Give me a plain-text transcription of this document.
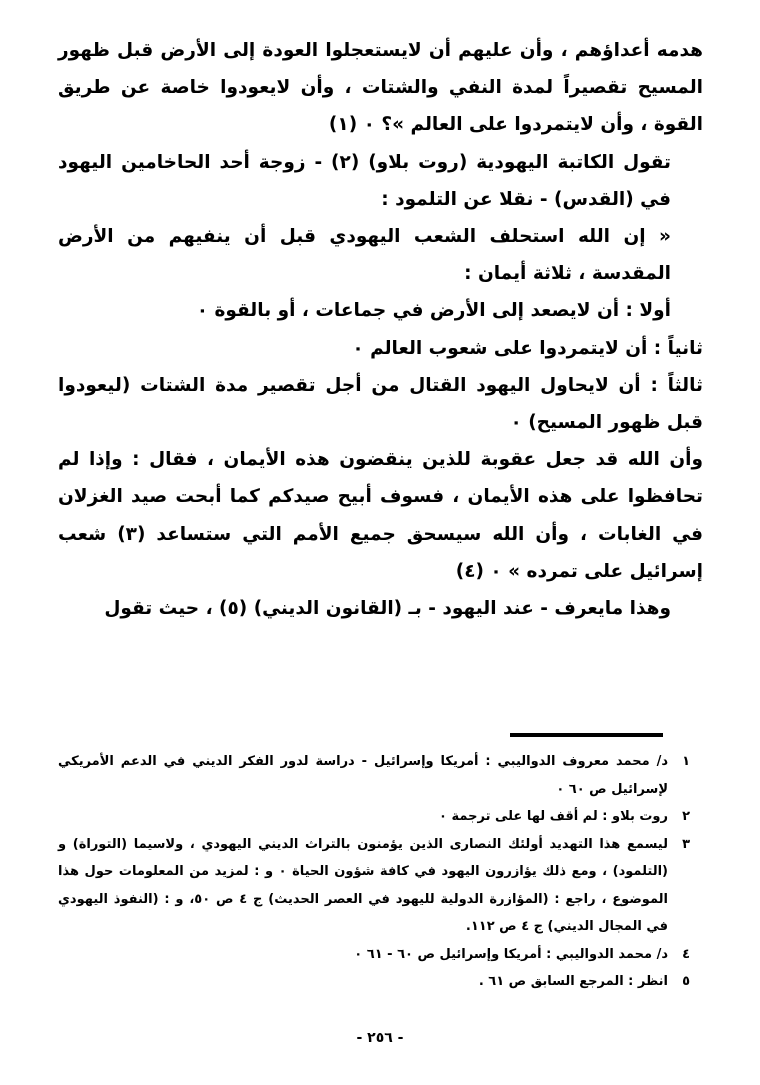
هدمه أعداؤهم ، وأن عليهم أن لايستعجلوا العودة إلى الأرض قبل ظهور المسيح تقصيراً لمدة النفي والشتات ، وأن لايعودوا خاصة عن طريق القوة ، وأن لايتمردوا على العالم »؟ ٠ (١)

تقول الكاتبة اليهودية (روت بلاو) (٢) - زوجة أحد الحاخامين اليهود في (القدس) - نقلا عن التلمود :

« إن الله استحلف الشعب اليهودي قبل أن ينفيهم من الأرض المقدسة ، ثلاثة أيمان :

أولا : أن لايصعد إلى الأرض في جماعات ، أو بالقوة ٠

ثانياً : أن لايتمردوا على شعوب العالم ٠

ثالثاً : أن لايحاول اليهود القتال من أجل تقصير مدة الشتات (ليعودوا قبل ظهور المسيح) ٠

وأن الله قد جعل عقوبة للذين ينقضون هذه الأيمان ، فقال : وإذا لم تحافظوا على هذه الأيمان ، فسوف أبيح صيدكم كما أبحت صيد الغزلان في الغابات ، وأن الله سيسحق جميع الأمم التي ستساعد (٣) شعب إسرائيل على تمرده » ٠ (٤)

وهذا مايعرف - عند اليهود - بـ (القانون الديني) (٥) ، حيث تقول

١
د/ محمد معروف الدواليبي : أمريكا وإسرائيل - دراسة لدور الفكر الديني في الدعم الأمريكي لإسرائيل ص ٦٠ ٠
٢
روت بلاو : لم أقف لها على ترجمة ٠
٣
ليسمع هذا التهديد أولئك النصارى الذين يؤمنون بالتراث الديني اليهودي ، ولاسيما (التوراة) و (التلمود) ، ومع ذلك يؤازرون اليهود في كافة شؤون الحياة ٠ و : لمزيد من المعلومات حول هذا الموضوع ، راجع : (المؤازرة الدولية لليهود في العصر الحديث) ج ٤ ص ٥٠، و : (النفوذ اليهودي في المجال الديني) ج ٤ ص ١١٢.
٤
د/ محمد الدواليبي : أمريكا وإسرائيل ص ٦٠ - ٦١ ٠
٥
انظر : المرجع السابق ص ٦١ .
- ٢٥٦ -
